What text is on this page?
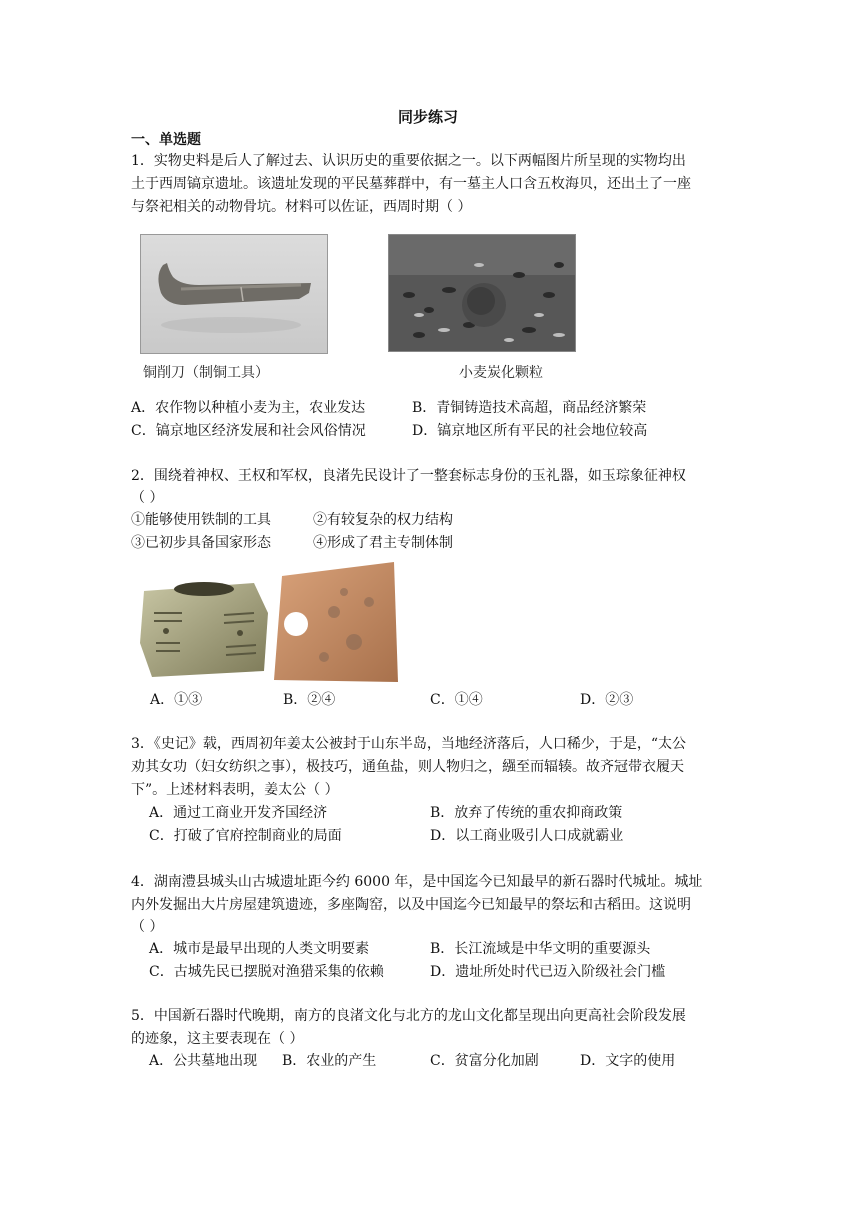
同步练习
一、单选题
1．实物史料是后人了解过去、认识历史的重要依据之一。以下两幅图片所呈现的实物均出
土于西周镐京遗址。该遗址发现的平民墓葬群中，有一墓主人口含五枚海贝，还出土了一座
与祭祀相关的动物骨坑。材料可以佐证，西周时期（ ）
铜削刀（制铜工具）	小麦炭化颗粒
A．农作物以种植小麦为主，农业发达	B．青铜铸造技术高超，商品经济繁荣
C．镐京地区经济发展和社会风俗情况	D．镐京地区所有平民的社会地位较高
2．围绕着神权、王权和军权，良渚先民设计了一整套标志身份的玉礼器，如玉琮象征神权
（ ）
①能够使用铁制的工具	②有较复杂的权力结构
③已初步具备国家形态	④形成了君主专制体制
A．①③	B．②④	C．①④	D．②③
3．《史记》载，西周初年姜太公被封于山东半岛，当地经济落后，人口稀少，于是，“太公
劝其女功（妇女纺织之事），极技巧，通鱼盐，则人物归之，繦至而辐辏。故齐冠带衣履天
下”。上述材料表明，姜太公（ ）
A．通过工商业开发齐国经济	B．放弃了传统的重农抑商政策
C．打破了官府控制商业的局面	D．以工商业吸引人口成就霸业
4．湖南澧县城头山古城遗址距今约 6000 年，是中国迄今已知最早的新石器时代城址。城址
内外发掘出大片房屋建筑遗迹，多座陶窑，以及中国迄今已知最早的祭坛和古稻田。这说明
（ ）
A．城市是最早出现的人类文明要素	B．长江流域是中华文明的重要源头
C．古城先民已摆脱对渔猎采集的依赖	D．遗址所处时代已迈入阶级社会门槛
5．中国新石器时代晚期，南方的良渚文化与北方的龙山文化都呈现出向更高社会阶段发展
的迹象，这主要表现在（ ）
A．公共墓地出现 B．农业的产生	C．贫富分化加剧	D．文字的使用
